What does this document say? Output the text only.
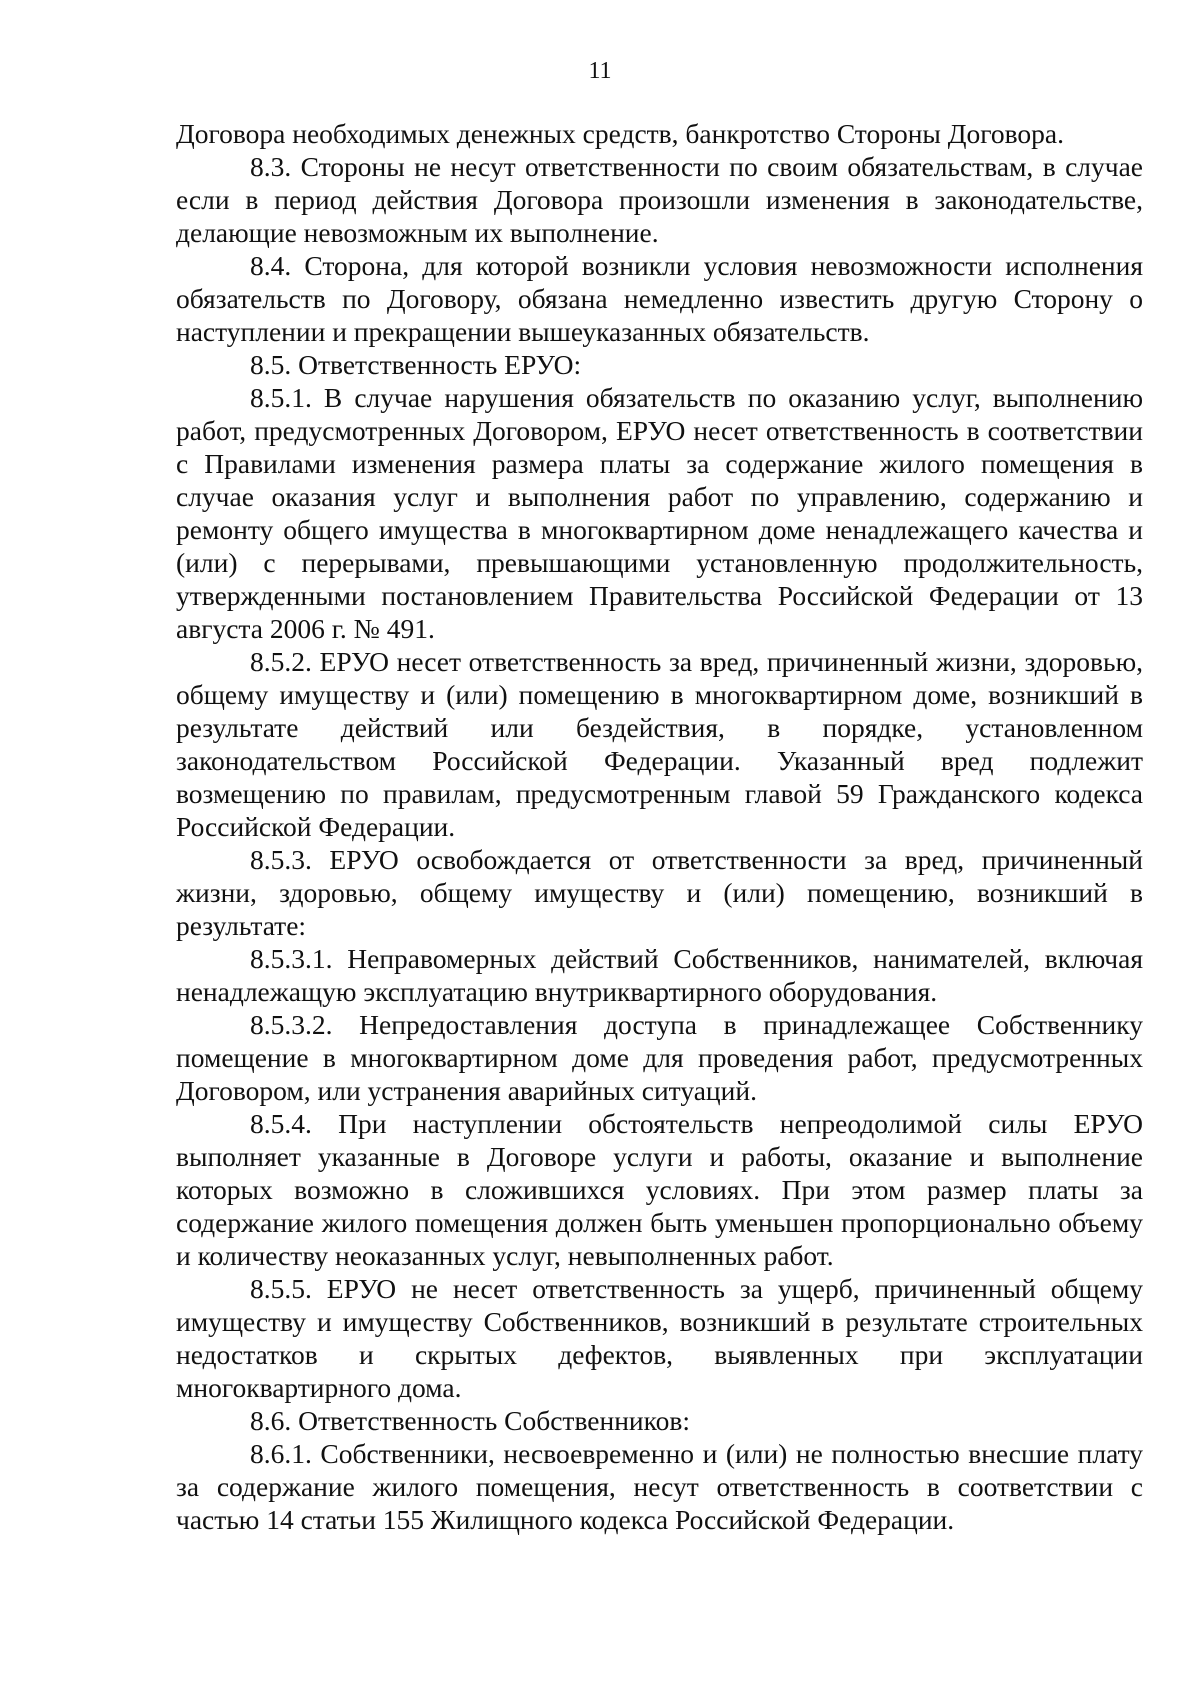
11

Договора необходимых денежных средств, банкротство Стороны Договора.

8.3. Стороны не несут ответственности по своим обязательствам, в случае если в период действия Договора произошли изменения в законодательстве, делающие невозможным их выполнение.

8.4. Сторона, для которой возникли условия невозможности исполнения обязательств по Договору, обязана немедленно известить другую Сторону о наступлении и прекращении вышеуказанных обязательств.

8.5. Ответственность ЕРУО:

8.5.1. В случае нарушения обязательств по оказанию услуг, выполнению работ, предусмотренных Договором, ЕРУО несет ответственность в соответствии с Правилами изменения размера платы за содержание жилого помещения в случае оказания услуг и выполнения работ по управлению, содержанию и ремонту общего имущества в многоквартирном доме ненадлежащего качества и (или) с перерывами, превышающими установленную продолжительность, утвержденными постановлением Правительства Российской Федерации от 13 августа 2006 г. № 491.

8.5.2. ЕРУО несет ответственность за вред, причиненный жизни, здоровью, общему имуществу и (или) помещению в многоквартирном доме, возникший в результате действий или бездействия, в порядке, установленном законодательством Российской Федерации. Указанный вред подлежит возмещению по правилам, предусмотренным главой 59 Гражданского кодекса Российской Федерации.

8.5.3. ЕРУО освобождается от ответственности за вред, причиненный жизни, здоровью, общему имуществу и (или) помещению, возникший в результате:

8.5.3.1. Неправомерных действий Собственников, нанимателей, включая ненадлежащую эксплуатацию внутриквартирного оборудования.

8.5.3.2. Непредоставления доступа в принадлежащее Собственнику помещение в многоквартирном доме для проведения работ, предусмотренных Договором, или устранения аварийных ситуаций.

8.5.4. При наступлении обстоятельств непреодолимой силы ЕРУО выполняет указанные в Договоре услуги и работы, оказание и выполнение которых возможно в сложившихся условиях. При этом размер платы за содержание жилого помещения должен быть уменьшен пропорционально объему и количеству неоказанных услуг, невыполненных работ.

8.5.5. ЕРУО не несет ответственность за ущерб, причиненный общему имуществу и имуществу Собственников, возникший в результате строительных недостатков и скрытых дефектов, выявленных при эксплуатации многоквартирного дома.

8.6. Ответственность Собственников:

8.6.1. Собственники, несвоевременно и (или) не полностью внесшие плату за содержание жилого помещения, несут ответственность в соответствии с частью 14 статьи 155 Жилищного кодекса Российской Федерации.
